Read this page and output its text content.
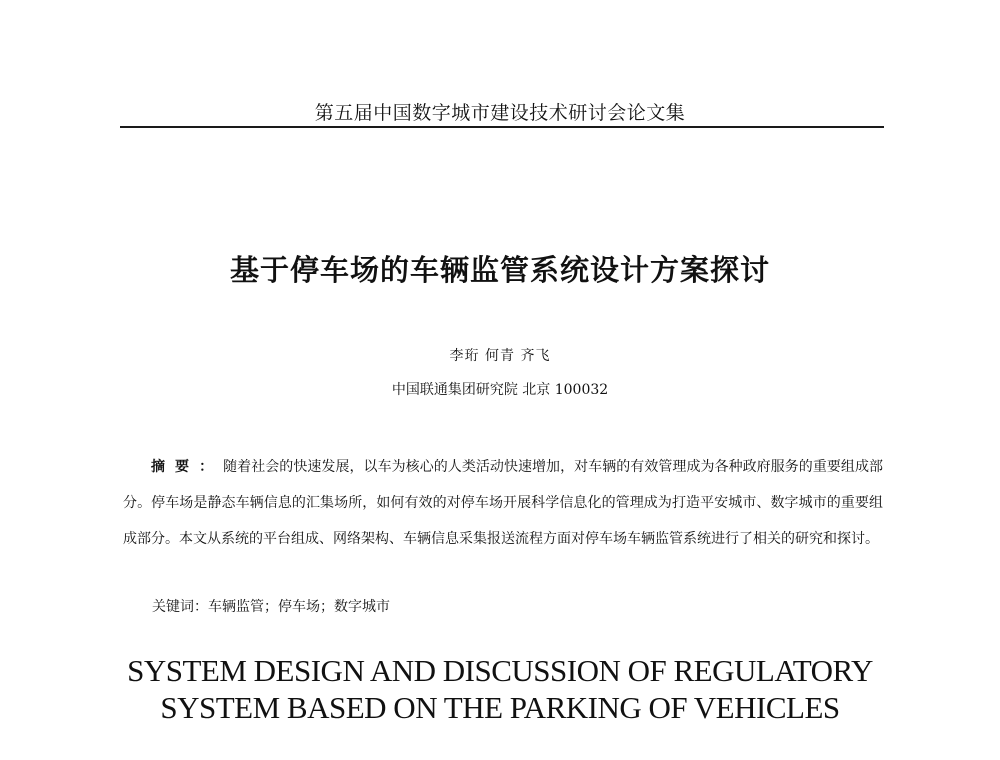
第五届中国数字城市建设技术研讨会论文集
基于停车场的车辆监管系统设计方案探讨
李珩 何青 齐飞
中国联通集团研究院 北京 100032

摘要：随着社会的快速发展，以车为核心的人类活动快速增加，对车辆的有效管理成为各种政府服务的重要组成部分。停车场是静态车辆信息的汇集场所，如何有效的对停车场开展科学信息化的管理成为打造平安城市、数字城市的重要组成部分。本文从系统的平台组成、网络架构、车辆信息采集报送流程方面对停车场车辆监管系统进行了相关的研究和探讨。

关键词：车辆监管；停车场；数字城市
SYSTEM DESIGN AND DISCUSSION OF REGULATORY
SYSTEM BASED ON THE PARKING OF VEHICLES
